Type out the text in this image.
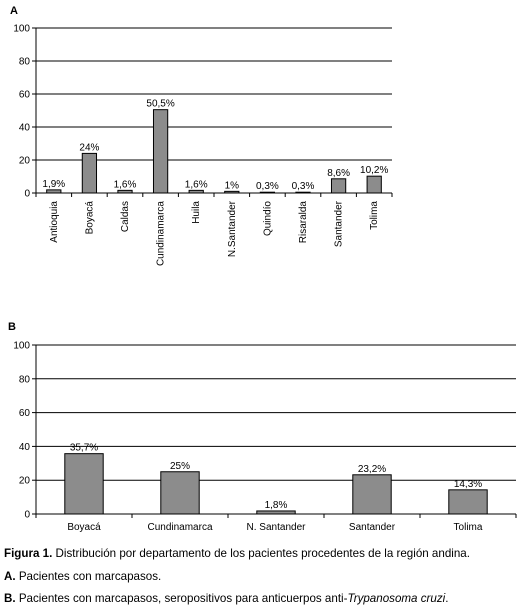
A
0
20
40
60
80
100
1,9%
Antioquia
24%
Boyacá
1,6%
Caldas
50,5%
Cundinamarca
1,6%
Huila
1%
N.Santander
0,3%
Quindío
0,3%
Risaralda
8,6%
Santander
10,2%
Tolima
B
0
20
40
60
80
100
35,7%
Boyacá
25%
Cundinamarca
1,8%
N. Santander
23,2%
Santander
14,3%
Tolima
Figura 1. Distribución por departamento de los pacientes procedentes de la región andina.
A. Pacientes con marcapasos.
B. Pacientes con marcapasos, seropositivos para anticuerpos anti-Trypanosoma cruzi.
